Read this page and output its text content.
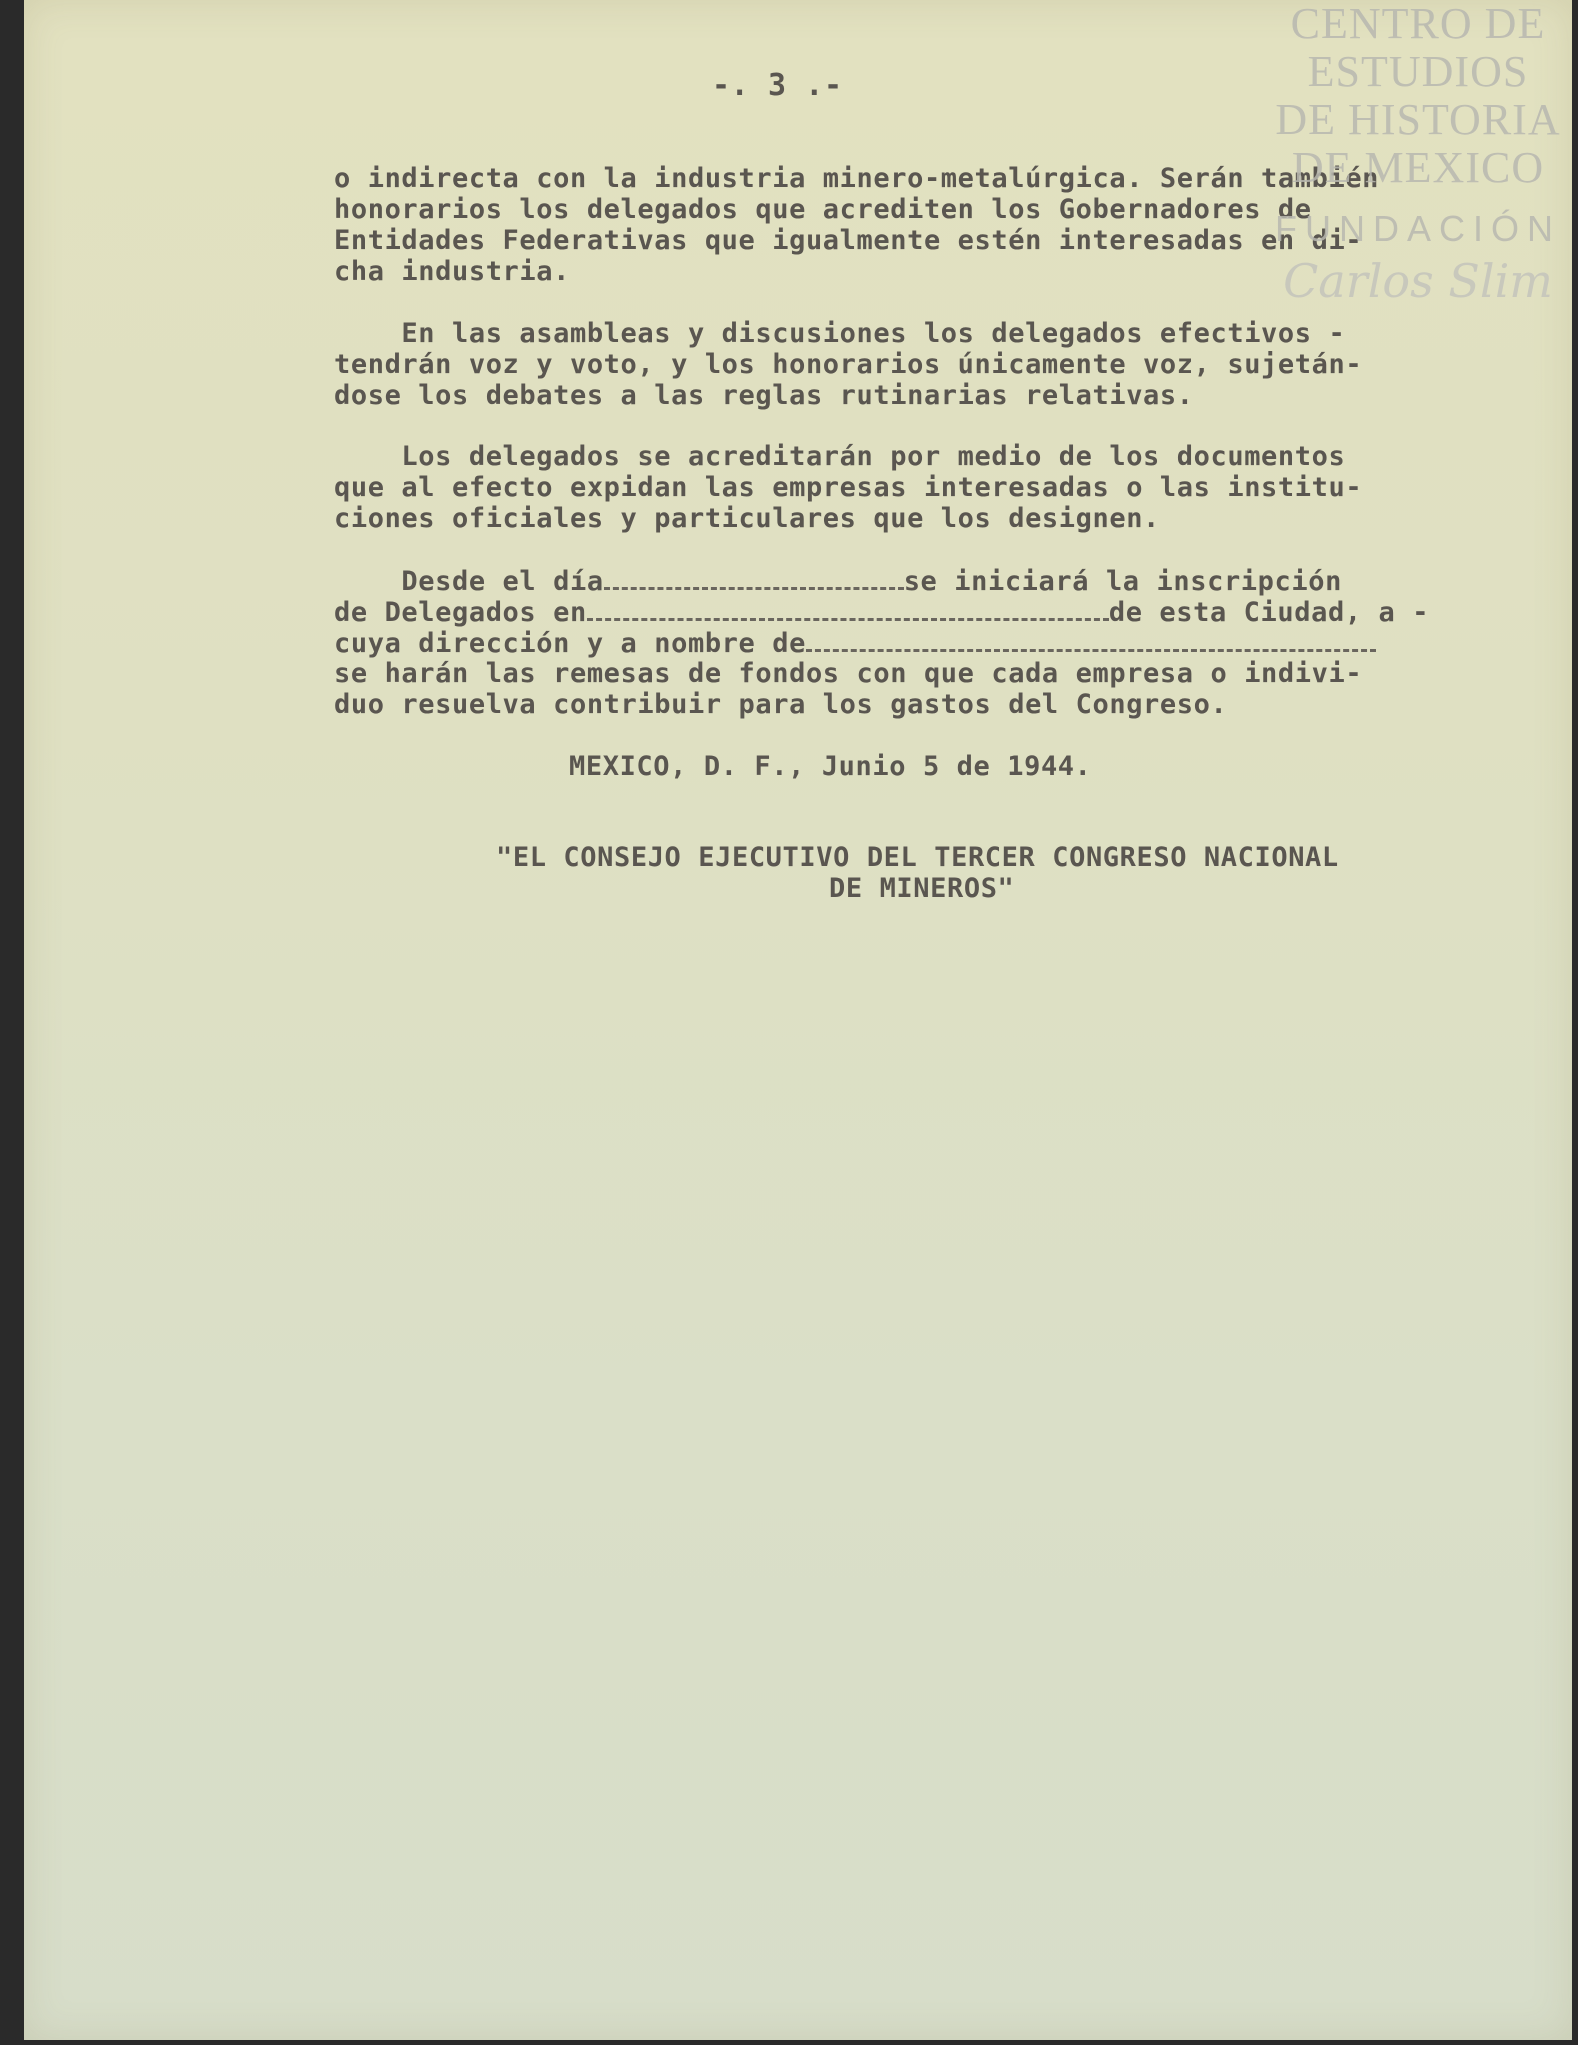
-. 3 .-
o indirecta con la industria minero-metalúrgica. Serán también
honorarios los delegados que acrediten los Gobernadores de
Entidades Federativas que igualmente estén interesadas en di-
cha industria.
En las asambleas y discusiones los delegados efectivos -
tendrán voz y voto, y los honorarios únicamente voz, sujetán-
dose los debates a las reglas rutinarias relativas.
Los delegados se acreditarán por medio de los documentos
que al efecto expidan las empresas interesadas o las institu-
ciones oficiales y particulares que los designen.
Desde el día	se iniciará la inscripción
de Delegados en	de esta Ciudad, a -
cuya dirección y a nombre de
se harán las remesas de fondos con que cada empresa o indivi-
duo resuelva contribuir para los gastos del Congreso.
MEXICO, D. F., Junio 5 de 1944.
"EL CONSEJO EJECUTIVO DEL TERCER CONGRESO NACIONAL
DE MINEROS"
CENTRO DE
ESTUDIOS
DE HISTORIA
DE MEXICO
FUNDACIÓN
Carlos Slim
